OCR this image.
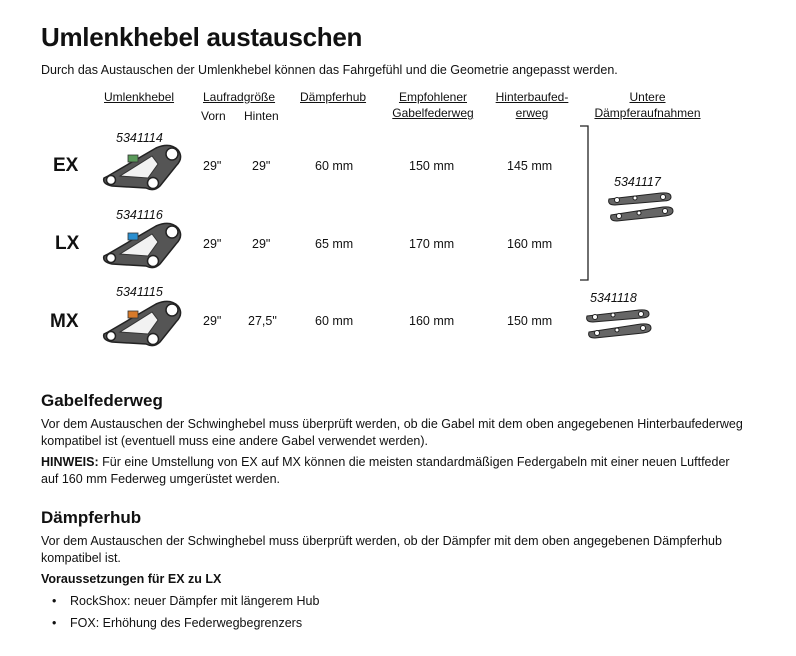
Umlenkhebel austauschen
Durch das Austauschen der Umlenkhebel können das Fahrgefühl und die Geometrie angepasst werden.
Umlenkhebel Laufradgröße
Vorn Hinten
Dämpferhub	Empfohlener
Gabelfederweg
Hinterbaufed-
erweg
Untere
Dämpferaufnahmen
EX
5341114
29" 29"	60 mm	150 mm	145 mm
LX
5341116
29" 29"	65 mm	170 mm	160 mm
MX
5341115
29" 27,5"	60 mm	160 mm	150 mm
5341117
5341118
Gabelfederweg
Vor dem Austauschen der Schwinghebel muss überprüft werden, ob die Gabel mit dem oben angegebenen Hinterbaufederweg
kompatibel ist (eventuell muss eine andere Gabel verwendet werden).
HINWEIS: Für eine Umstellung von EX auf MX können die meisten standardmäßigen Federgabeln mit einer neuen Luftfeder
auf 160 mm Federweg umgerüstet werden.
Dämpferhub
Vor dem Austauschen der Schwinghebel muss überprüft werden, ob der Dämpfer mit dem oben angegebenen Dämpferhub
kompatibel ist.
Voraussetzungen für EX zu LX
• RockShox: neuer Dämpfer mit längerem Hub
• FOX: Erhöhung des Federwegbegrenzers
